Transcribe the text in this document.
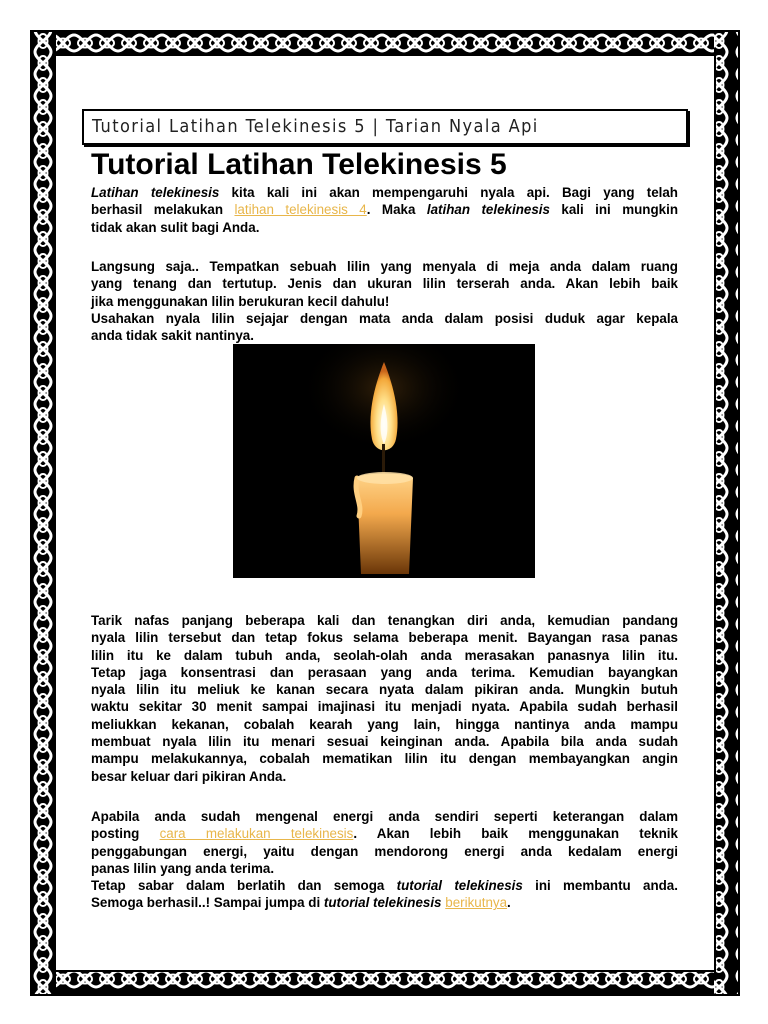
Tutorial Latihan Telekinesis 5 | Tarian Nyala Api
Tutorial Latihan Telekinesis 5
Latihan telekinesis kita kali ini akan mempengaruhi nyala api. Bagi yang telah
berhasil melakukan latihan telekinesis 4. Maka latihan telekinesis kali ini mungkin
tidak akan sulit bagi Anda.
Langsung saja.. Tempatkan sebuah lilin yang menyala di meja anda dalam ruang
yang tenang dan tertutup. Jenis dan ukuran lilin terserah anda. Akan lebih baik
jika menggunakan lilin berukuran kecil dahulu!
Usahakan nyala lilin sejajar dengan mata anda dalam posisi duduk agar kepala
anda tidak sakit nantinya.
Tarik nafas panjang beberapa kali dan tenangkan diri anda, kemudian pandang
nyala lilin tersebut dan tetap fokus selama beberapa menit. Bayangan rasa panas
lilin itu ke dalam tubuh anda, seolah-olah anda merasakan panasnya lilin itu.
Tetap jaga konsentrasi dan perasaan yang anda terima. Kemudian bayangkan
nyala lilin itu meliuk ke kanan secara nyata dalam pikiran anda. Mungkin butuh
waktu sekitar 30 menit sampai imajinasi itu menjadi nyata. Apabila sudah berhasil
meliukkan kekanan, cobalah kearah yang lain, hingga nantinya anda mampu
membuat nyala lilin itu menari sesuai keinginan anda. Apabila bila anda sudah
mampu melakukannya, cobalah mematikan lilin itu dengan membayangkan angin
besar keluar dari pikiran Anda.
Apabila anda sudah mengenal energi anda sendiri seperti keterangan dalam
posting cara melakukan telekinesis. Akan lebih baik menggunakan teknik
penggabungan energi, yaitu dengan mendorong energi anda kedalam energi
panas lilin yang anda terima.
Tetap sabar dalam berlatih dan semoga tutorial telekinesis ini membantu anda.
Semoga berhasil..! Sampai jumpa di tutorial telekinesis berikutnya.
